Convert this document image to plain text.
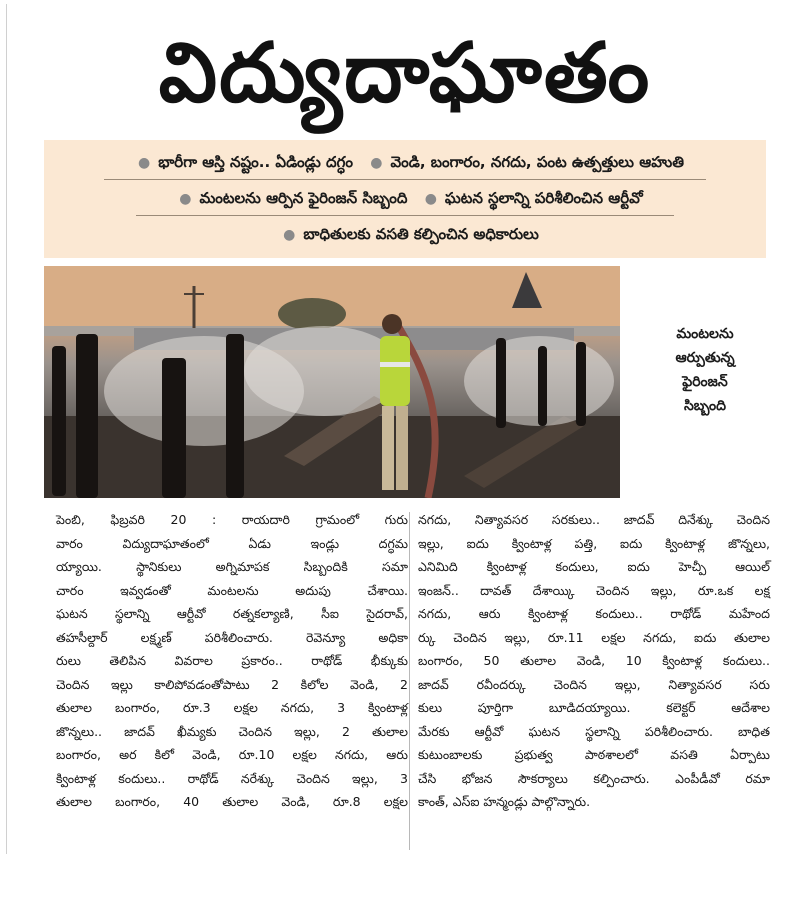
విద్యుదాఘాతం
● భారీగా ఆస్తి నష్టం.. ఏడిండ్లు దగ్ధం ● వెండి, బంగారం, నగదు, పంట ఉత్పత్తులు ఆహుతి
● మంటలను ఆర్పిన ఫైరింజన్ సిబ్బంది ● ఘటన స్థలాన్ని పరిశీలించిన ఆర్టీవో
● బాధితులకు వసతి కల్పించిన అధికారులు
మంటలను
ఆర్పుతున్న
ఫైరింజన్
సిబ్బంది
పెంబి, ఫిబ్రవరి 20 : రాయదారి గ్రామంలో గురు
వారం విద్యుదాఘాతంలో ఏడు ఇండ్లు దగ్ధమ
య్యాయి. స్థానికులు అగ్నిమాపక సిబ్బందికి సమా
చారం ఇవ్వడంతో మంటలను అదుపు చేశాయి.
ఘటన స్థలాన్ని ఆర్టీవో రత్నకల్యాణి, సీఐ సైదరావ్,
తహసీల్దార్ లక్ష్మణ్ పరిశీలించారు. రెవెన్యూ అధికా
రులు తెలిపిన వివరాల ప్రకారం.. రాథోడ్ భీక్కుకు
చెందిన ఇల్లు కాలిపోవడంతోపాటు 2 కిలోల వెండి, 2
తులాల బంగారం, రూ.3 లక్షల నగదు, 3 క్వింటాళ్ల
జొన్నలు.. జాదవ్ ఖీమ్యకు చెందిన ఇల్లు, 2 తులాల
బంగారం, అర కిలో వెండి, రూ.10 లక్షల నగదు, ఆరు
క్వింటాళ్ల కందులు.. రాథోడ్ నరేశ్కు చెందిన ఇల్లు, 3
తులాల బంగారం, 40 తులాల వెండి, రూ.8 లక్షల
నగదు, నిత్యావసర సరకులు.. జాదవ్ దినేశ్కు చెందిన
ఇల్లు, ఐదు క్వింటాళ్ల పత్తి, ఐదు క్వింటాళ్ల జొన్నలు,
ఎనిమిది క్వింటాళ్ల కందులు, ఐదు హెచ్పీ ఆయిల్
ఇంజన్.. దావత్ దేశాయ్కి చెందిన ఇల్లు, రూ.ఒక లక్ష
నగదు, ఆరు క్వింటాళ్ల కందులు.. రాథోడ్ మహేంద
ర్కు చెందిన ఇల్లు, రూ.11 లక్షల నగదు, ఐదు తులాల
బంగారం, 50 తులాల వెండి, 10 క్వింటాళ్ల కందులు..
జాదవ్ రవీందర్కు చెందిన ఇల్లు, నిత్యావసర సరు
కులు పూర్తిగా బూడిదయ్యాయి. కలెక్టర్ ఆదేశాల
మేరకు ఆర్టీవో ఘటన స్థలాన్ని పరిశీలించారు. బాధిత
కుటుంబాలకు ప్రభుత్వ పాఠశాలలో వసతి ఏర్పాటు
చేసి భోజన సౌకర్యాలు కల్పించారు. ఎంపీడీవో రమా
కాంత్, ఎస్ఐ హన్మండ్లు పాల్గొన్నారు.
